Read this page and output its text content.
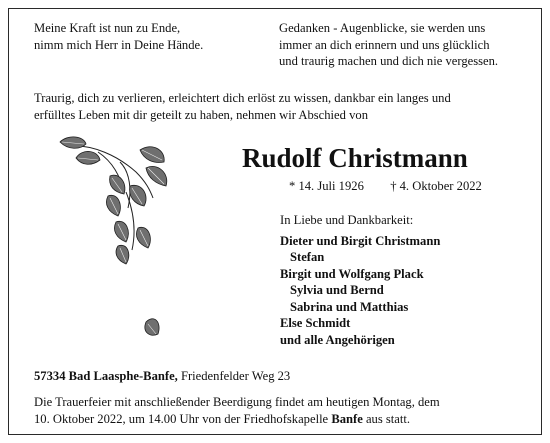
Meine Kraft ist nun zu Ende,
nimm mich Herr in Deine Hände.
Gedanken - Augenblicke, sie werden uns
immer an dich erinnern und uns glücklich
und traurig machen und dich nie vergessen.
Traurig, dich zu verlieren, erleichtert dich erlöst zu wissen, dankbar ein langes und
erfülltes Leben mit dir geteilt zu haben, nehmen wir Abschied von
Rudolf Christmann
* 14. Juli 1926 † 4. Oktober 2022
In Liebe und Dankbarkeit:
Dieter und Birgit Christmann
Stefan
Birgit und Wolfgang Plack
Sylvia und Bernd
Sabrina und Matthias
Else Schmidt
und alle Angehörigen
57334 Bad Laasphe-Banfe, Friedenfelder Weg 23
Die Trauerfeier mit anschließender Beerdigung findet am heutigen Montag, dem
10. Oktober 2022, um 14.00 Uhr von der Friedhofskapelle Banfe aus statt.
